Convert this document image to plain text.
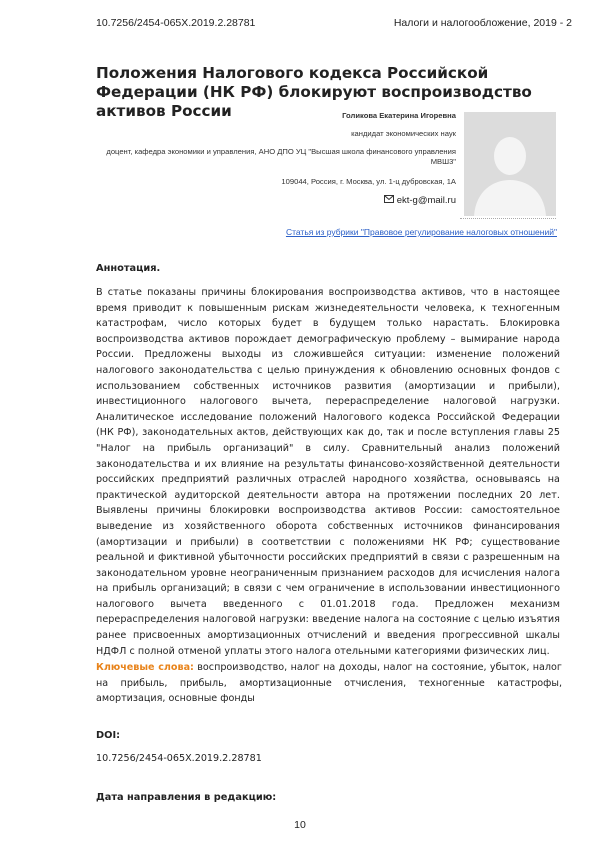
10.7256/2454-065X.2019.2.28781	Налоги и налогообложение, 2019 - 2
Положения Налогового кодекса Российской Федерации (НК РФ) блокируют воспроизводство активов России	Голикова Екатерина Игоревна
кандидат экономических наук
доцент, кафедра экономики и управления, АНО ДПО УЦ "Высшая школа финансового управления МВШ3"
109044, Россия, г. Москва, ул. 1-ц дубровская, 1А
ekt-g@mail.ru
Статья из рубрики "Правовое регулирование налоговых отношений"
Аннотация.

В статье показаны причины блокирования воспроизводства активов, что в настоящее время приводит к повышенным рискам жизнедеятельности человека, к техногенным катастрофам, число которых будет в будущем только нарастать. Блокировка воспроизводства активов порождает демографическую проблему – вымирание народа России. Предложены выходы из сложившейся ситуации: изменение положений налогового законодательства с целью принуждения к обновлению основных фондов с использованием собственных источников развития (амортизации и прибыли), инвестиционного налогового вычета, перераспределение налоговой нагрузки. Аналитическое исследование положений Налогового кодекса Российской Федерации (НК РФ), законодательных актов, действующих как до, так и после вступления главы 25 "Налог на прибыль организаций" в силу. Сравнительный анализ положений законодательства и их влияние на результаты финансово-хозяйственной деятельности российских предприятий различных отраслей народного хозяйства, основываясь на практической аудиторской деятельности автора на протяжении последних 20 лет. Выявлены причины блокировки воспроизводства активов России: самостоятельное выведение из хозяйственного оборота собственных источников финансирования (амортизации и прибыли) в соответствии с положениями НК РФ; существование реальной и фиктивной убыточности российских предприятий в связи с разрешенным на законодательном уровне неограниченным признанием расходов для исчисления налога на прибыль организаций; в связи с чем ограничение в использовании инвестиционного налогового вычета введенного с 01.01.2018 года. Предложен механизм перераспределения налоговой нагрузки: введение налога на состояние с целью изъятия ранее присвоенных амортизационных отчислений и введения прогрессивной шкалы НДФЛ с полной отменой уплаты этого налога отельными категориями физических лиц.

Ключевые слова: воспроизводство, налог на доходы, налог на состояние, убыток, налог на прибыль, прибыль, амортизационные отчисления, техногенные катастрофы, амортизация, основные фонды

DOI:
10.7256/2454-065X.2019.2.28781
Дата направления в редакцию:
10
